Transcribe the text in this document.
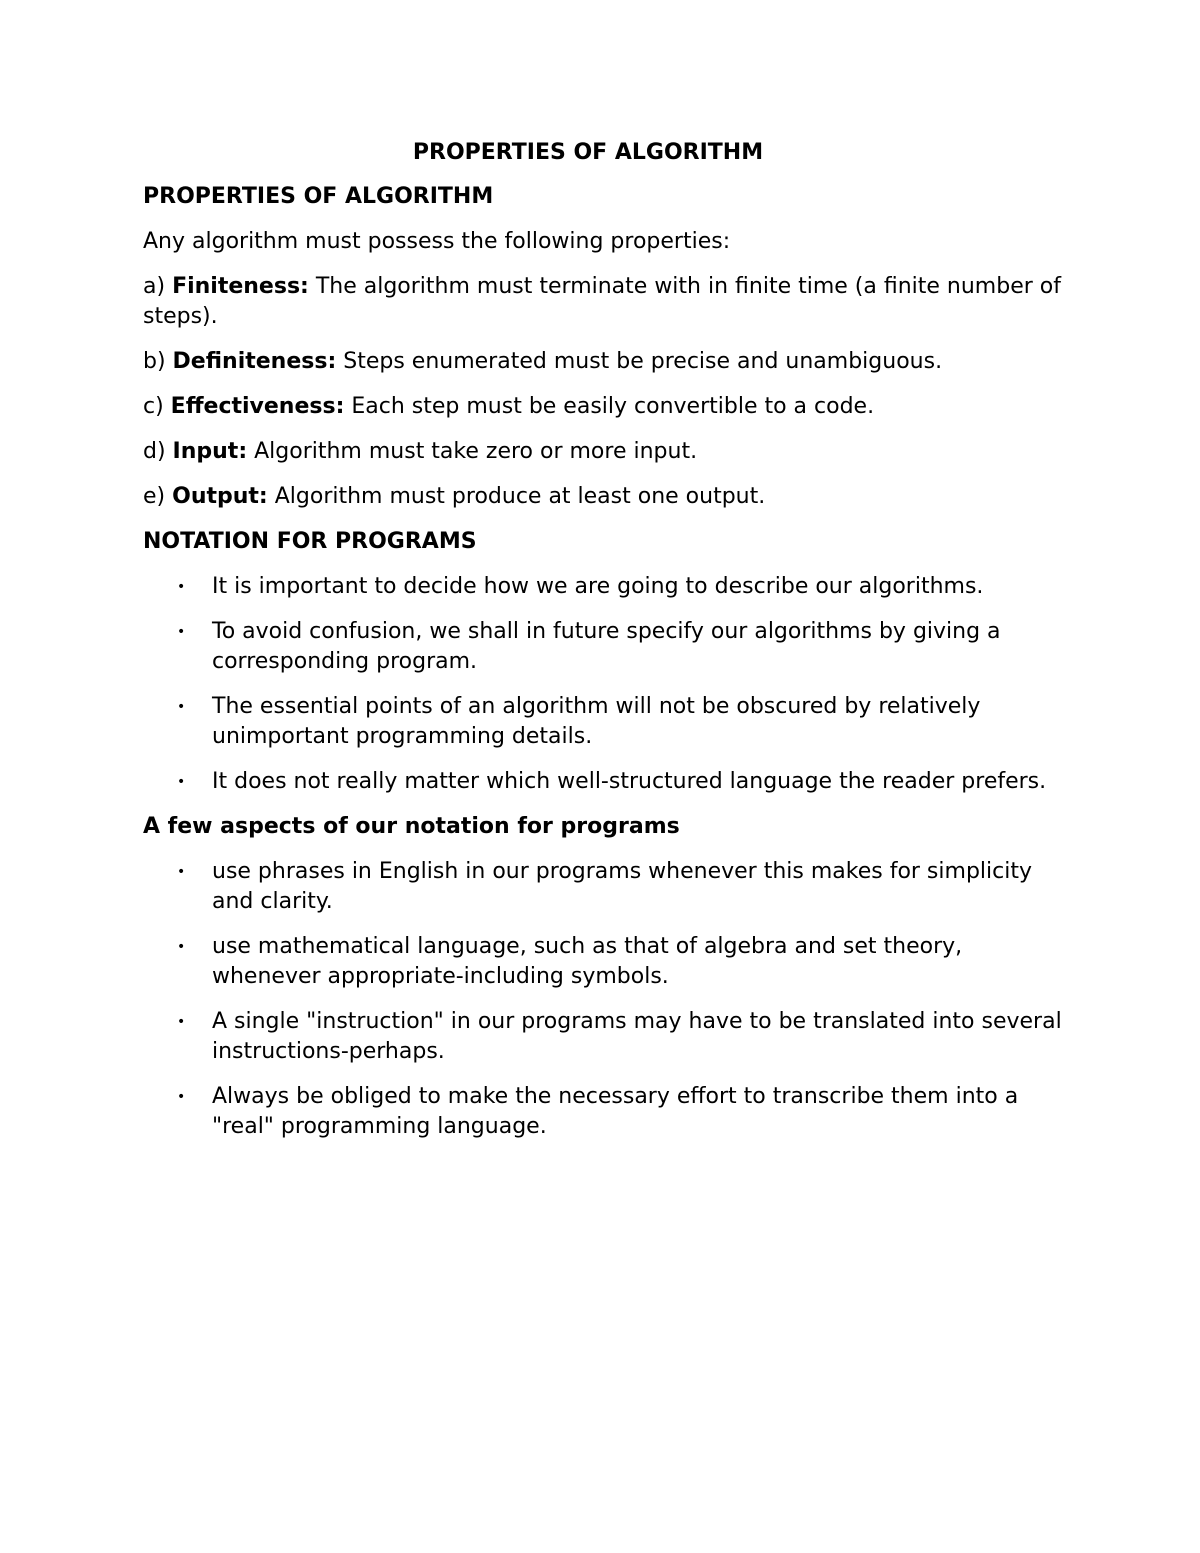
PROPERTIES OF ALGORITHM
PROPERTIES OF ALGORITHM
Any algorithm must possess the following properties:
a) Finiteness: The algorithm must terminate with in finite time (a finite number of steps).
b) Definiteness: Steps enumerated must be precise and unambiguous.
c) Effectiveness: Each step must be easily convertible to a code.
d) Input: Algorithm must take zero or more input.
e) Output: Algorithm must produce at least one output.
NOTATION FOR PROGRAMS
• It is important to decide how we are going to describe our algorithms.
• To avoid confusion, we shall in future specify our algorithms by giving a corresponding program.
• The essential points of an algorithm will not be obscured by relatively unimportant programming details.
• It does not really matter which well-structured language the reader prefers.
A few aspects of our notation for programs
• use phrases in English in our programs whenever this makes for simplicity and clarity.
• use mathematical language, such as that of algebra and set theory, whenever appropriate-including symbols.
• A single "instruction" in our programs may have to be translated into several instructions-perhaps.
• Always be obliged to make the necessary effort to transcribe them into a "real" programming language.
